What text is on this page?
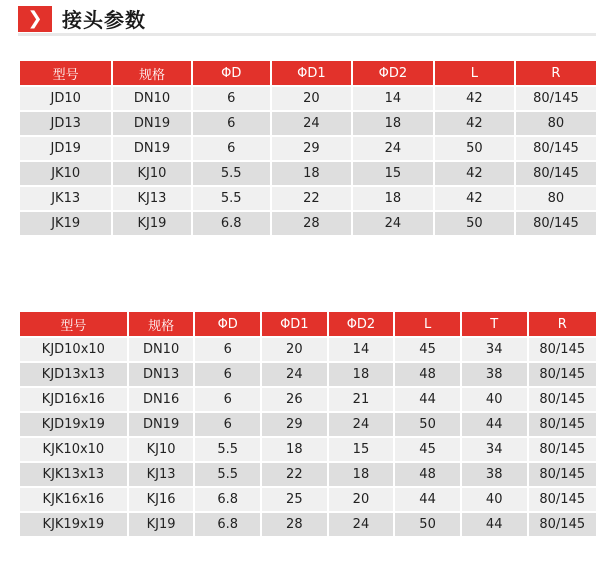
❯ 接头参数
型号	规格	ΦD	ΦD1	ΦD2	L	R
JD10	DN10	6	20	14	42	80/145
JD13	DN19	6	24	18	42	80
JD19	DN19	6	29	24	50	80/145
JK10	KJ10	5.5	18	15	42	80/145
JK13	KJ13	5.5	22	18	42	80
JK19	KJ19	6.8	28	24	50	80/145
型号	规格	ΦD	ΦD1	ΦD2	L	T	R
KJD10x10	DN10	6	20	14	45	34	80/145
KJD13x13	DN13	6	24	18	48	38	80/145
KJD16x16	DN16	6	26	21	44	40	80/145
KJD19x19	DN19	6	29	24	50	44	80/145
KJK10x10	KJ10	5.5	18	15	45	34	80/145
KJK13x13	KJ13	5.5	22	18	48	38	80/145
KJK16x16	KJ16	6.8	25	20	44	40	80/145
KJK19x19	KJ19	6.8	28	24	50	44	80/145
